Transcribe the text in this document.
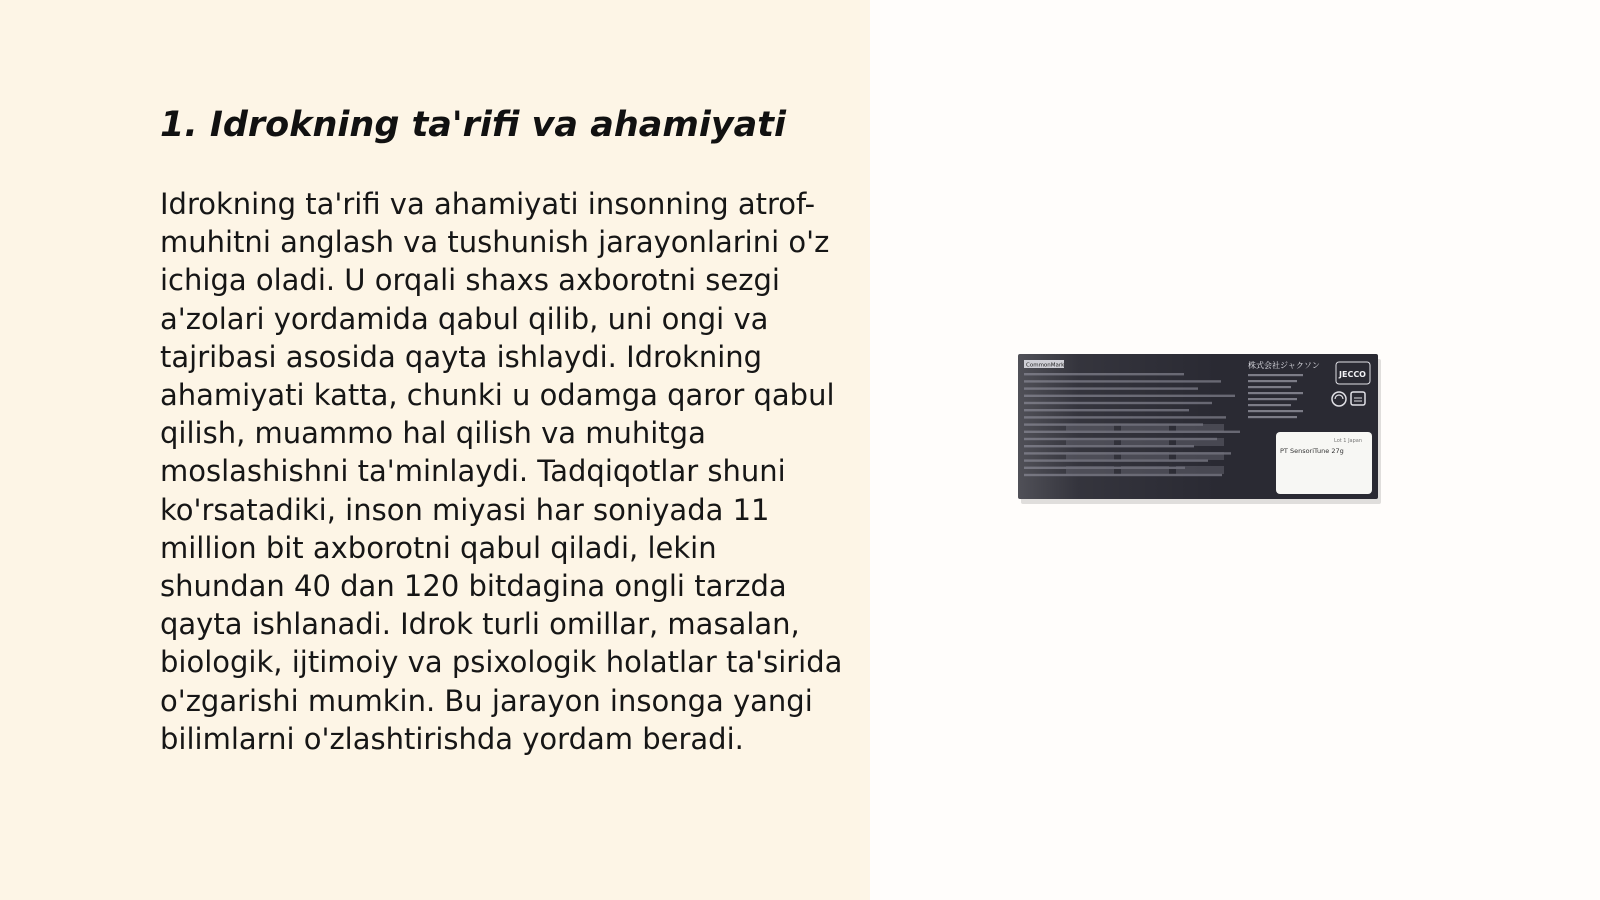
1. Idrokning ta'rifi va ahamiyati

Idrokning ta'rifi va ahamiyati insonning atrof-muhitni anglash va tushunish jarayonlarini o'z ichiga oladi. U orqali shaxs axborotni sezgi a'zolari yordamida qabul qilib, uni ongi va tajribasi asosida qayta ishlaydi. Idrokning ahamiyati katta, chunki u odamga qaror qabul qilish, muammo hal qilish va muhitga moslashishni ta'minlaydi. Tadqiqotlar shuni ko'rsatadiki, inson miyasi har soniyada 11 million bit axborotni qabul qiladi, lekin shundan 40 dan 120 bitdagina ongli tarzda qayta ishlanadi. Idrok turli omillar, masalan, biologik, ijtimoiy va psixologik holatlar ta'sirida o'zgarishi mumkin. Bu jarayon insonga yangi bilimlarni o'zlashtirishda yordam beradi.

CommonMark	株式会社ジャクソン
JECCO
Lot 1 Japan
PT SensoriTune 27g
